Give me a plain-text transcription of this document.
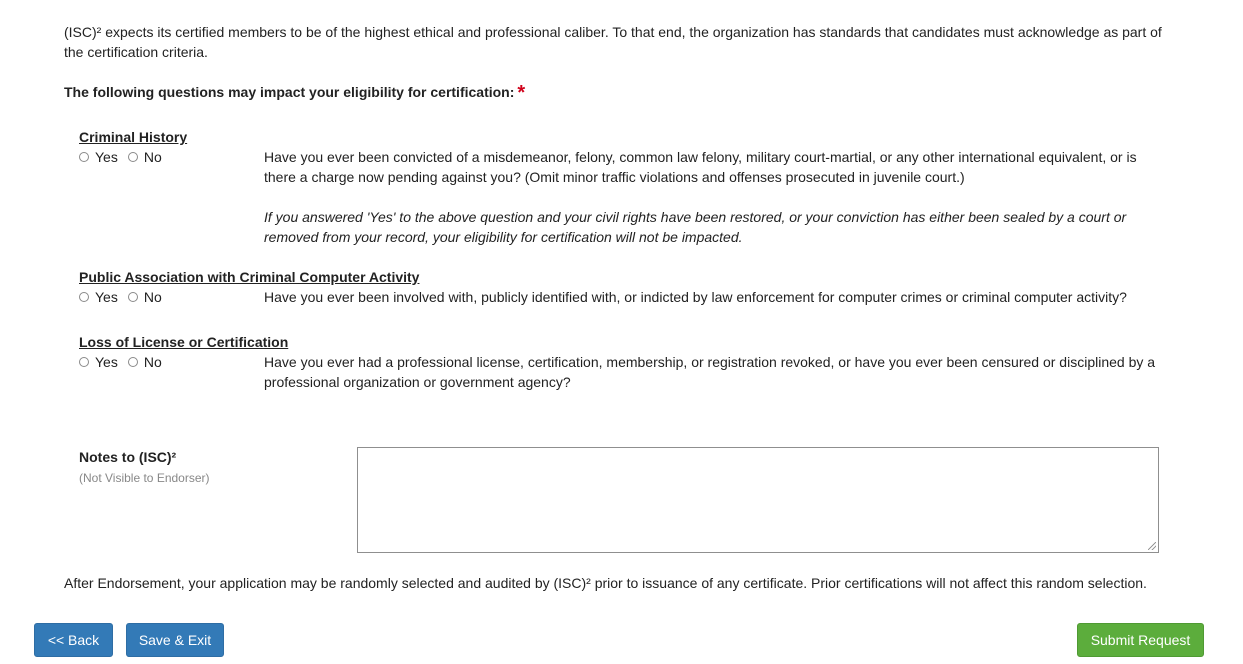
(ISC)² expects its certified members to be of the highest ethical and professional caliber. To that end, the organization has standards that candidates must acknowledge as part of the certification criteria.
The following questions may impact your eligibility for certification: *
Criminal History
Yes No	Have you ever been convicted of a misdemeanor, felony, common law felony, military court-martial, or any other international equivalent, or is there a charge now pending against you? (Omit minor traffic violations and offenses prosecuted in juvenile court.)
If you answered 'Yes' to the above question and your civil rights have been restored, or your conviction has either been sealed by a court or removed from your record, your eligibility for certification will not be impacted.
Public Association with Criminal Computer Activity
Yes No	Have you ever been involved with, publicly identified with, or indicted by law enforcement for computer crimes or criminal computer activity?
Loss of License or Certification
Yes No	Have you ever had a professional license, certification, membership, or registration revoked, or have you ever been censured or disciplined by a professional organization or government agency?
Notes to (ISC)²
(Not Visible to Endorser)
After Endorsement, your application may be randomly selected and audited by (ISC)² prior to issuance of any certificate. Prior certifications will not affect this random selection.
<< Back	Save & Exit	Submit Request
